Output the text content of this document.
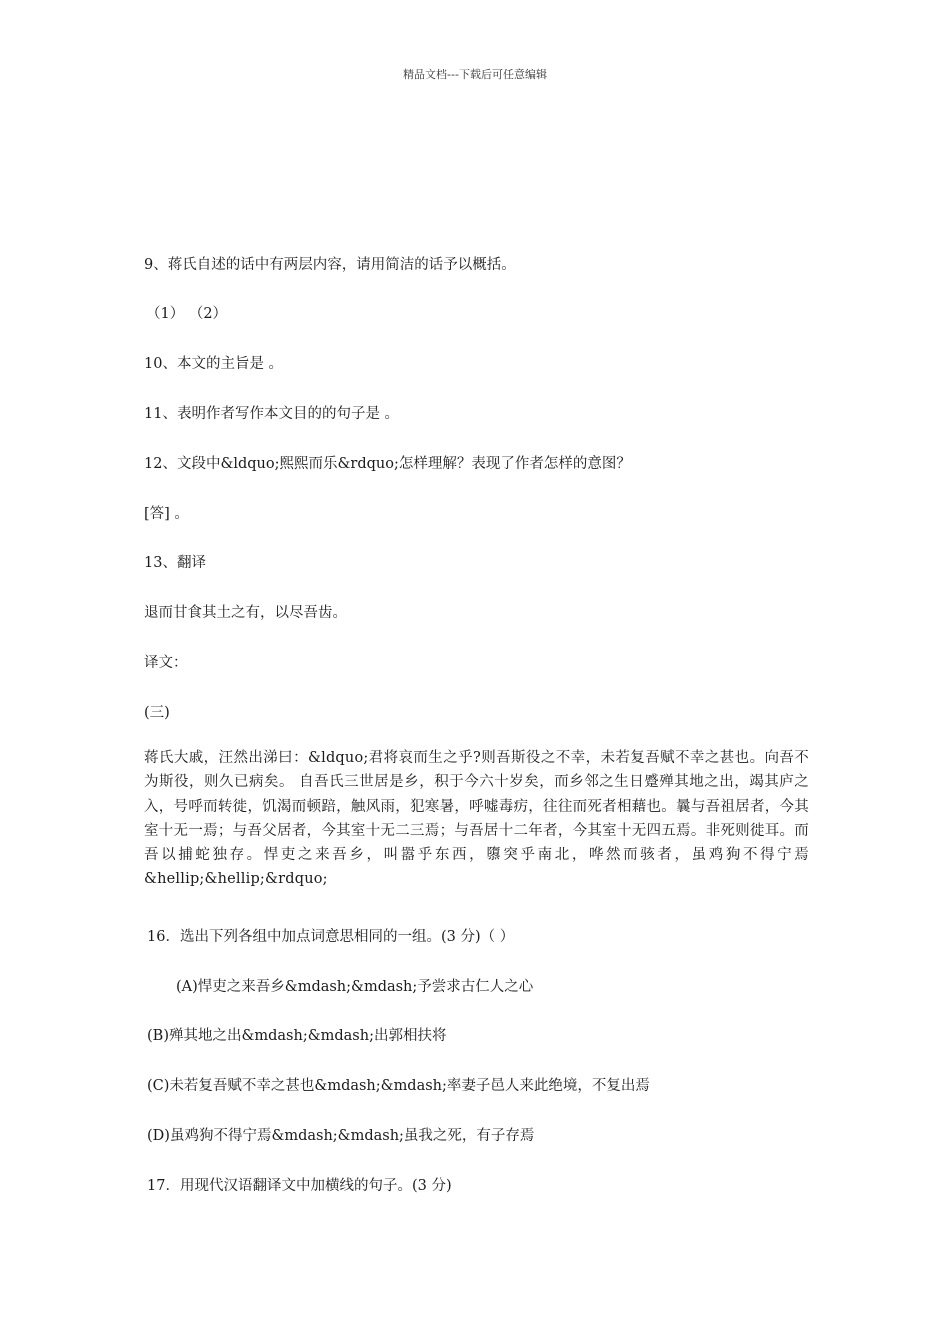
精品文档---下载后可任意编辑
9、蒋氏自述的话中有两层内容，请用简洁的话予以概括。
（1） （2）
10、本文的主旨是 。
11、表明作者写作本文目的的句子是 。
12、文段中&ldquo;熙熙而乐&rdquo;怎样理解？表现了作者怎样的意图？
[答] 。
13、翻译
退而甘食其土之有，以尽吾齿。
译文：
(三)
蒋氏大戚，汪然出涕曰：&ldquo;君将哀而生之乎?则吾斯役之不幸，未若复吾赋不幸之甚也。向吾不为斯役，则久已病矣。 自吾氏三世居是乡，积于今六十岁矣，而乡邻之生日蹙殚其地之出，竭其庐之入，号呼而转徙，饥渴而顿踣，触风雨，犯寒暑，呼嘘毒疠，往往而死者相藉也。曩与吾祖居者，今其室十无一焉；与吾父居者，今其室十无二三焉；与吾居十二年者，今其室十无四五焉。非死则徙耳。而吾以捕蛇独存。悍吏之来吾乡，叫嚣乎东西，隳突乎南北，哗然而骇者，虽鸡狗不得宁焉&hellip;&hellip;&rdquo;
16．选出下列各组中加点词意思相同的一组。(3 分)（ ）
(A)悍吏之来吾乡&mdash;&mdash;予尝求古仁人之心
(B)殚其地之出&mdash;&mdash;出郭相扶将
(C)未若复吾赋不幸之甚也&mdash;&mdash;率妻子邑人来此绝境，不复出焉
(D)虽鸡狗不得宁焉&mdash;&mdash;虽我之死，有子存焉
17．用现代汉语翻译文中加横线的句子。(3 分)
